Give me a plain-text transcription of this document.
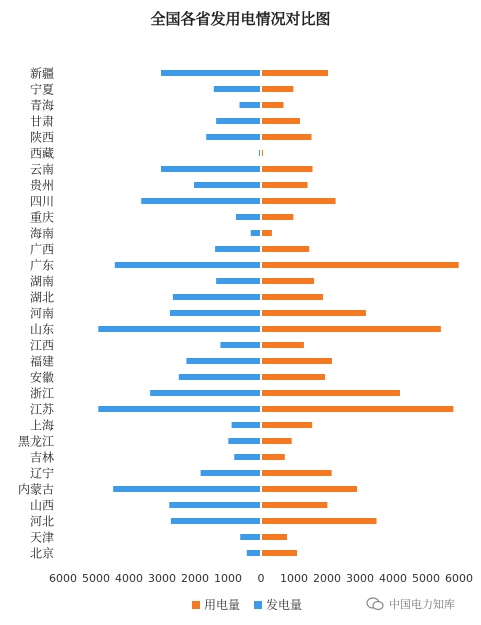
全国各省发用电情况对比图
新疆
宁夏
青海
甘肃
陕西
西藏
云南
贵州
四川
重庆
海南
广西
广东
湖南
湖北
河南
山东
江西
福建
安徽
浙江
江苏
上海
黑龙江
吉林
辽宁
内蒙古
山西
河北
天津
北京
6000 5000 4000 3000 2000 1000 0 1000 2000 3000 4000 5000 6000
用电量 发电量	中国电力知库
